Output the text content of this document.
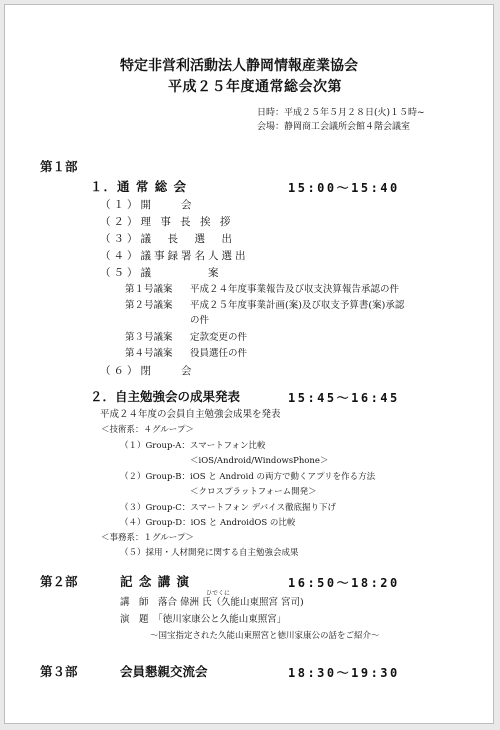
特定非営利活動法人静岡情報産業協会
平成２５年度通常総会次第
日時：平成２５年５月２８日(火)１５時~
会場：静岡商工会議所会館４階会議室
第１部
１．通 常 総 会	15:00〜15:40
（１）開　　会
（２）理 事 長 挨 拶
（３）議　長　選　出
（４）議事録署名人選出
（５）議　　　　案
第１号議案 平成２４年度事業報告及び収支決算報告承認の件
第２号議案 平成２５年度事業計画(案)及び収支予算書(案)承認
の件
第３号議案 定款変更の件
第４号議案 役員選任の件
（６）閉　　会
２．自主勉強会の成果発表	15:45〜16:45
平成２４年度の会員自主勉強会成果を発表
＜技術系：４グループ＞
（１）Group-A：スマートフォン比較
＜iOS/Android/WindowsPhone＞
（２）Group-B：iOS と Android の両方で動くアプリを作る方法
＜クロスプラットフォーム開発＞
（３）Group-C：スマートフォン デバイス徹底掘り下げ
（４）Group-D：iOS と AndroidOS の比較
＜事務系：１グループ＞
（５）採用・人材開発に関する自主勉強会成果
第２部	記 念 講 演	16:50〜18:20
ひでくに
講　師　落合 偉洲 氏（久能山東照宮 宮司)
演　題　「徳川家康公と久能山東照宮」
〜国宝指定された久能山東照宮と徳川家康公の話をご紹介〜
第３部	会員懇親交流会	18:30〜19:30
